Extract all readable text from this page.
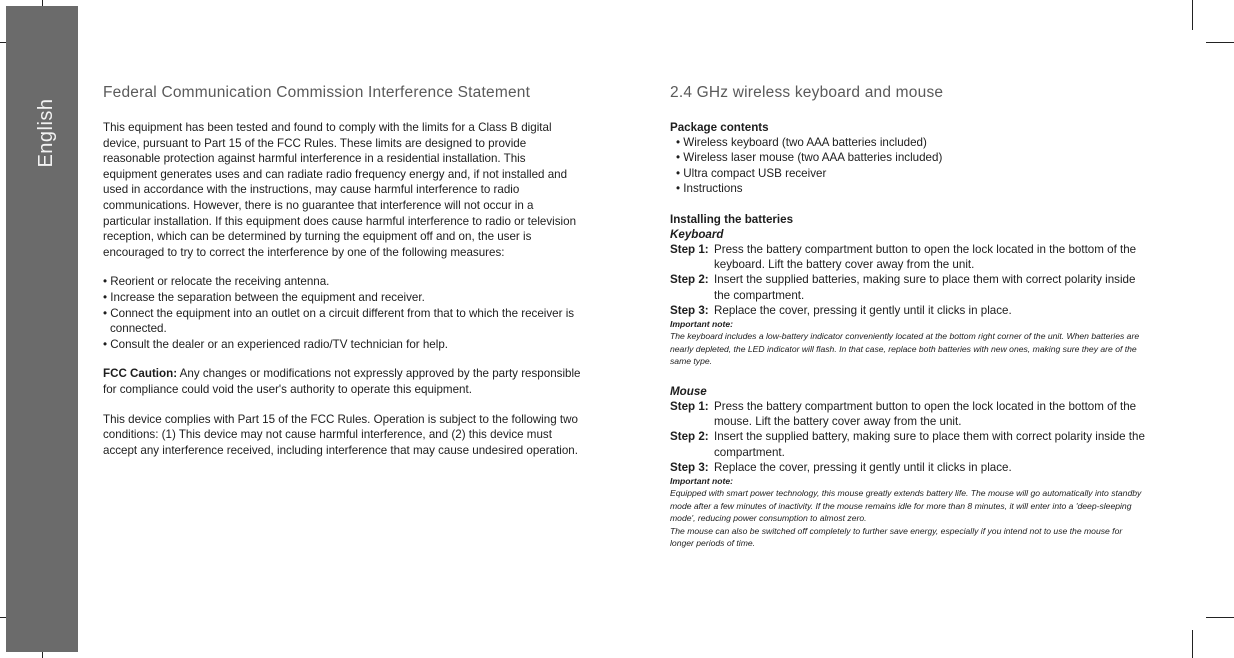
English
Federal Communication Commission Interference Statement

This equipment has been tested and found to comply with the limits for a Class B digital device, pursuant to Part 15 of the FCC Rules. These limits are designed to provide reasonable protection against harmful interference in a residential installation. This equipment generates uses and can radiate radio frequency energy and, if not installed and used in accordance with the instructions, may cause harmful interference to radio communications. However, there is no guarantee that interference will not occur in a particular installation. If this equipment does cause harmful interference to radio or television reception, which can be determined by turning the equipment off and on, the user is encouraged to try to correct the interference by one of the following measures:

• Reorient or relocate the receiving antenna.
• Increase the separation between the equipment and receiver.
• Connect the equipment into an outlet on a circuit different from that to which the receiver is connected.
• Consult the dealer or an experienced radio/TV technician for help.

FCC Caution: Any changes or modifications not expressly approved by the party responsible for compliance could void the user's authority to operate this equipment.

This device complies with Part 15 of the FCC Rules. Operation is subject to the following two conditions: (1) This device may not cause harmful interference, and (2) this device must accept any interference received, including interference that may cause undesired operation.

2.4 GHz wireless keyboard and mouse

Package contents

• Wireless keyboard (two AAA batteries included)
• Wireless laser mouse (two AAA batteries included)
• Ultra compact USB receiver
• Instructions

Installing the batteries

Keyboard

Step 1: Press the battery compartment button to open the lock located in the bottom of the keyboard. Lift the battery cover away from the unit.
Step 2: Insert the supplied batteries, making sure to place them with correct polarity inside the compartment.
Step 3: Replace the cover, pressing it gently until it clicks in place.

Important note:

The keyboard includes a low-battery indicator conveniently located at the bottom right corner of the unit. When batteries are nearly depleted, the LED indicator will flash. In that case, replace both batteries with new ones, making sure they are of the same type.

Mouse

Step 1: Press the battery compartment button to open the lock located in the bottom of the mouse. Lift the battery cover away from the unit.
Step 2: Insert the supplied battery, making sure to place them with correct polarity inside the compartment.
Step 3: Replace the cover, pressing it gently until it clicks in place.

Important note:

Equipped with smart power technology, this mouse greatly extends battery life. The mouse will go automatically into standby mode after a few minutes of inactivity. If the mouse remains idle for more than 8 minutes, it will enter into a 'deep-sleeping mode', reducing power consumption to almost zero.

The mouse can also be switched off completely to further save energy, especially if you intend not to use the mouse for longer periods of time.
